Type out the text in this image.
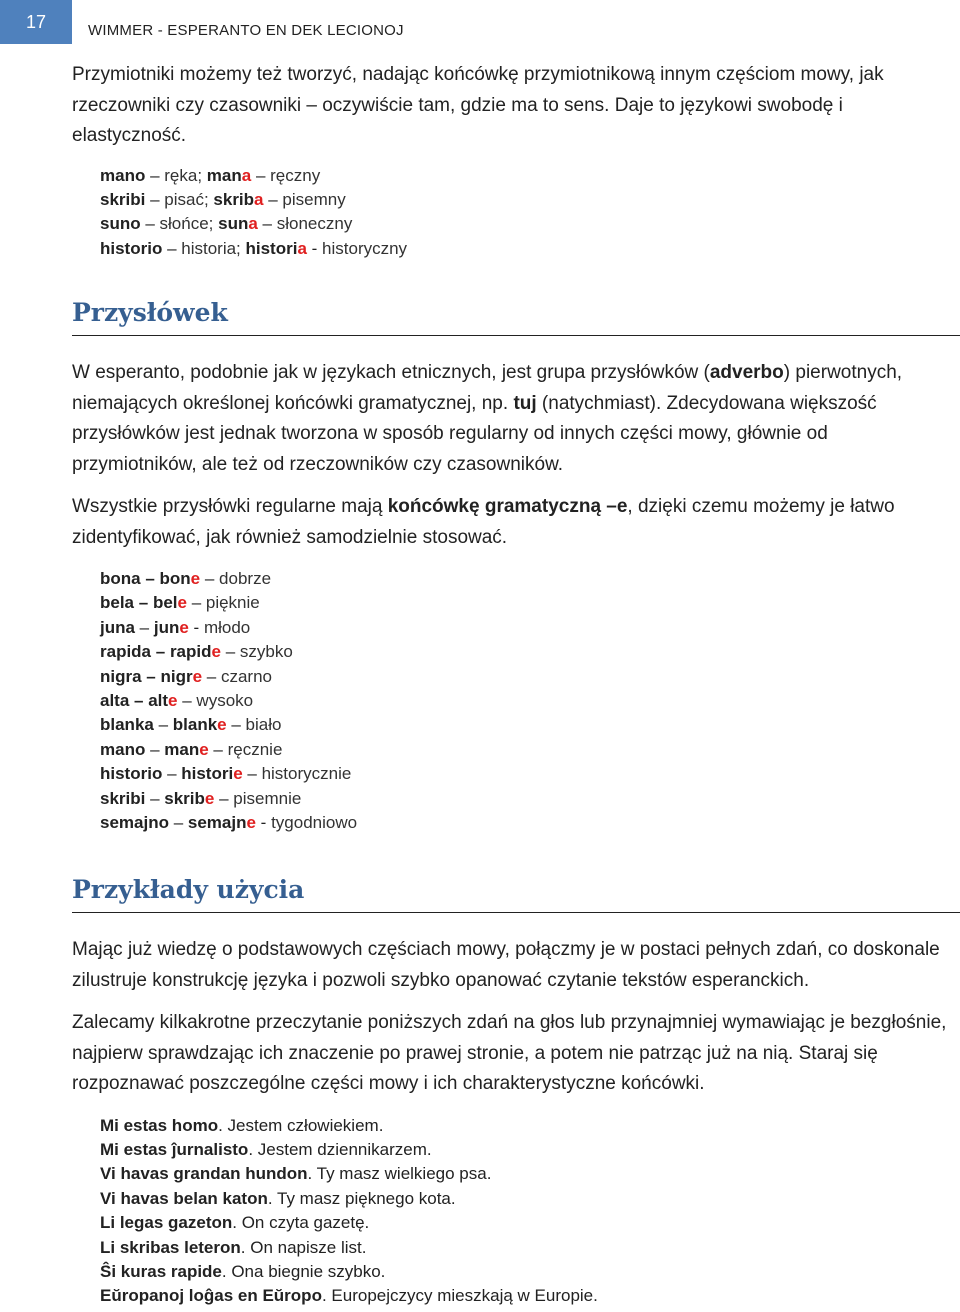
17	WIMMER - ESPERANTO EN DEK LECIONOJ

Przymiotniki możemy też tworzyć, nadając końcówkę przymiotnikową innym częściom mowy, jak rzeczowniki czy czasowniki – oczywiście tam, gdzie ma to sens. Daje to językowi swobodę i elastyczność.

mano – ręka; mana – ręczny
skribi – pisać; skriba – pisemny
suno – słońce; suna – słoneczny
historio – historia; historia - historyczny
Przysłówek

W esperanto, podobnie jak w językach etnicznych, jest grupa przysłówków (adverbo) pierwotnych, niemających określonej końcówki gramatycznej, np. tuj (natychmiast). Zdecydowana większość przysłówków jest jednak tworzona w sposób regularny od innych części mowy, głównie od przymiotników, ale też od rzeczowników czy czasowników.

Wszystkie przysłówki regularne mają końcówkę gramatyczną –e, dzięki czemu możemy je łatwo zidentyfikować, jak również samodzielnie stosować.

bona – bone – dobrze
bela – bele – pięknie
juna – june - młodo
rapida – rapide – szybko
nigra – nigre – czarno
alta – alte – wysoko
blanka – blanke – biało
mano – mane – ręcznie
historio – historie – historycznie
skribi – skribe – pisemnie
semajno – semajne - tygodniowo
Przykłady użycia

Mając już wiedzę o podstawowych częściach mowy, połączmy je w postaci pełnych zdań, co doskonale zilustruje konstrukcję języka i pozwoli szybko opanować czytanie tekstów esperanckich.

Zalecamy kilkakrotne przeczytanie poniższych zdań na głos lub przynajmniej wymawiając je bezgłośnie, najpierw sprawdzając ich znaczenie po prawej stronie, a potem nie patrząc już na nią. Staraj się rozpoznawać poszczególne części mowy i ich charakterystyczne końcówki.

Mi estas homo. Jestem człowiekiem.
Mi estas ĵurnalisto. Jestem dziennikarzem.
Vi havas grandan hundon. Ty masz wielkiego psa.
Vi havas belan katon. Ty masz pięknego kota.
Li legas gazeton. On czyta gazetę.
Li skribas leteron. On napisze list.
Ŝi kuras rapide. Ona biegnie szybko.
Eŭropanoj loĝas en Eŭropo. Europejczycy mieszkają w Europie.
